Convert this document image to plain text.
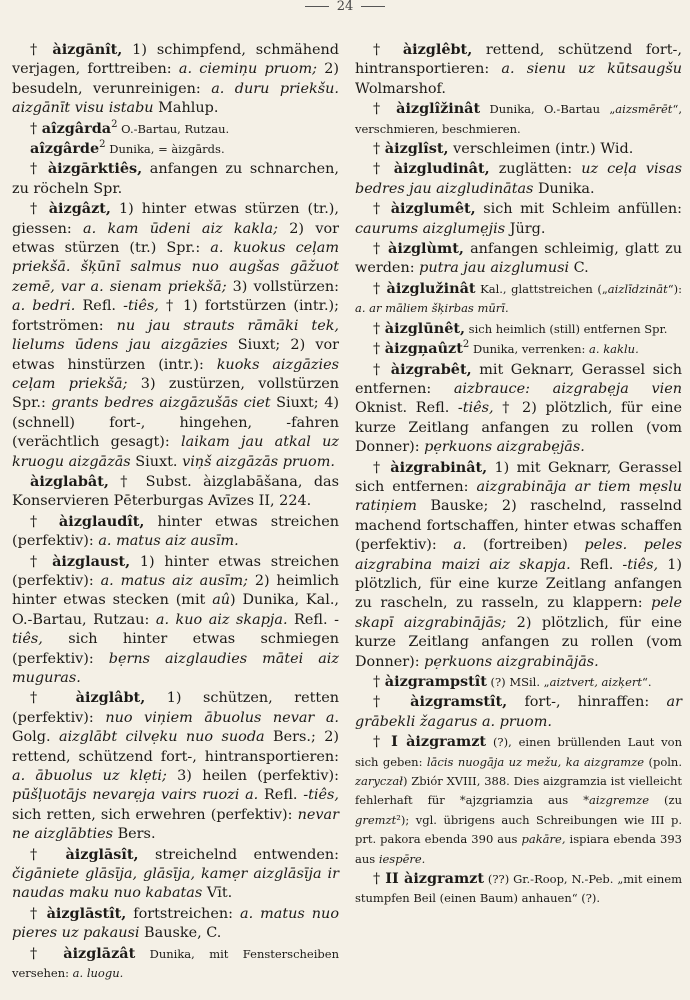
24

† àizgānît, 1) schimpfend, schmähend verjagen, forttreiben: a. ciemiņu pruom; 2) besudeln, verunreinigen: a. duru priekšu. aizgānīt visu istabu Mahlup.

† aîzgârda$^2$ O.-Bartau, Rutzau.

aîzgârde$^2$ Dunika, = àizgārds.

† àizgārktiês, anfangen zu schnarchen, zu röcheln Spr.

† àizgâzt, 1) hinter etwas stürzen (tr.), giessen: a. kam ūdeni aiz kakla; 2) vor etwas stürzen (tr.) Spr.: a. kuokus ceļam priekšā. šķūnī salmus nuo augšas gāžuot zemē, var a. sienam priekšā; 3) vollstürzen: a. bedri. Refl. -tiês, † 1) fortstürzen (intr.); fortströmen: nu jau strauts rāmāki tek, lielums ūdens jau aizgāzies Siuxt; 2) vor etwas hinstürzen (intr.): kuoks aizgāzies ceļam priekšā; 3) zustürzen, vollstürzen Spr.: grants bedres aizgāzušās ciet Siuxt; 4) (schnell) fort-, hingehen, -fahren (verächtlich gesagt): laikam jau atkal uz kruogu aizgāzās Siuxt. viņš aizgāzās pruom.

àizglabât, † Subst. àizglabāšana, das Konservieren Pēterburgas Avīzes II, 224.

† àizglaudît, hinter etwas streichen (perfektiv): a. matus aiz ausīm.

† àizglaust, 1) hinter etwas streichen (perfektiv): a. matus aiz ausīm; 2) heimlich hinter etwas stecken (mit aû) Dunika, Kal., O.-Bartau, Rutzau: a. kuo aiz skapja. Refl. -tiês, sich hinter etwas schmiegen (perfektiv): bẹrns aizglaudies mātei aiz muguras.

† àizglâbt, 1) schützen, retten (perfektiv): nuo viņiem ābuolus nevar a. Golg. aizglābt cilvẹku nuo suoda Bers.; 2) rettend, schützend fort-, hintransportieren: a. ābuolus uz klẹti; 3) heilen (perfektiv): pūšļuotājs nevarẹja vairs ruozi a. Refl. -tiês, sich retten, sich erwehren (perfektiv): nevar ne aizglābties Bers.

† àizglāsît, streichelnd entwenden: čigāniete glāsīja, glāsīja, kamẹr aizglāsīja ir naudas maku nuo kabatas Vīt.

† àizglāstît, fortstreichen: a. matus nuo pieres uz pakausi Bauske, C.

† àizglāzât Dunika, mit Fensterscheiben versehen: a. luogu.

† àizglêbt, rettend, schützend fort-, hintransportieren: a. sienu uz kūtsaugšu Wolmarshof.

† àizglîžinât Dunika, O.-Bartau „aizsmērēt“, verschmieren, beschmieren.

† àizglîst, verschleimen (intr.) Wid.

† àizgludinât, zuglätten: uz ceļa visas bedres jau aizgludinātas Dunika.

† àizglumêt, sich mit Schleim anfüllen: caurums aizglumẹjis Jürg.

† àizglùmt, anfangen schleimig, glatt zu werden: putra jau aizglumusi C.

† àizglužinât Kal., glattstreichen („aizlīdzināt“): a. ar māliem šķirbas mūrī.

† àizglūnêt, sich heimlich (still) entfernen Spr.

† àizgņaûzt$^2$ Dunika, verrenken: a. kaklu.

† àizgrabêt, mit Geknarr, Gerassel sich entfernen: aizbrauce: aizgrabẹja vien Oknist. Refl. -tiês, † 2) plötzlich, für eine kurze Zeitlang anfangen zu rollen (vom Donner): pẹrkuons aizgrabẹjās.

† àizgrabinât, 1) mit Geknarr, Gerassel sich entfernen: aizgrabināja ar tiem mẹslu ratiņiem Bauske; 2) raschelnd, rasselnd machend fortschaffen, hinter etwas schaffen (perfektiv): a. (fortreiben) peles. peles aizgrabina maizi aiz skapja. Refl. -tiês, 1) plötzlich, für eine kurze Zeitlang anfangen zu rascheln, zu rasseln, zu klappern: pele skapī aizgrabinājās; 2) plötzlich, für eine kurze Zeitlang anfangen zu rollen (vom Donner): pẹrkuons aizgrabinājās.

† àizgrampstît (?) MSil. „aiztvert, aizķert“.

† àizgramstît, fort-, hinraffen: ar grābekli žagarus a. pruom.

† I àizgramzt (?), einen brüllenden Laut von sich geben: lācis nuogāja uz mežu, ka aizgramze (poln. zaryczał) Zbiór XVIII, 388. Dies aizgramzia ist vielleicht fehlerhaft für *ajzgriamzia aus *aizgremze (zu gremzt²); vgl. übrigens auch Schreibungen wie III p. prt. pakora ebenda 390 aus pakāre, ispiara ebenda 393 aus iespēre.

† II àizgramzt (??) Gr.-Roop, N.-Peb. „mit einem stumpfen Beil (einen Baum) anhauen“ (?).
